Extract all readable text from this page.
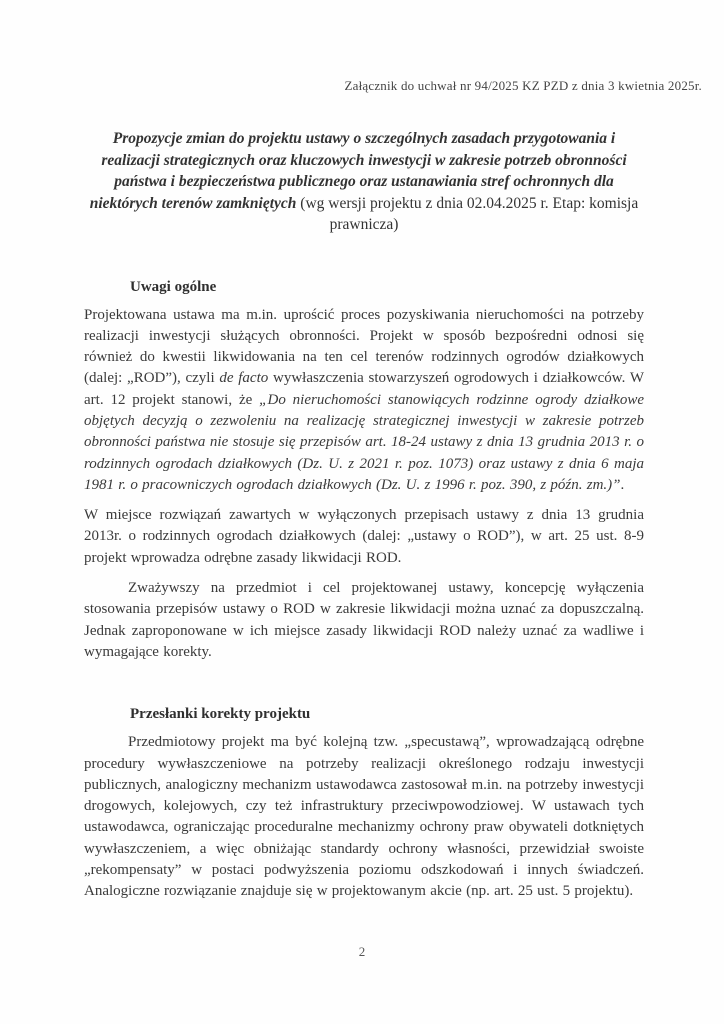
Załącznik do uchwał nr 94/2025 KZ PZD z dnia 3 kwietnia 2025r.

Propozycje zmian do projektu ustawy o szczególnych zasadach przygotowania i realizacji strategicznych oraz kluczowych inwestycji w zakresie potrzeb obronności państwa i bezpieczeństwa publicznego oraz ustanawiania stref ochronnych dla niektórych terenów zamkniętych (wg wersji projektu z dnia 02.04.2025 r. Etap: komisja prawnicza)

Uwagi ogólne

Projektowana ustawa ma m.in. uprościć proces pozyskiwania nieruchomości na potrzeby realizacji inwestycji służących obronności. Projekt w sposób bezpośredni odnosi się również do kwestii likwidowania na ten cel terenów rodzinnych ogrodów działkowych (dalej: „ROD”), czyli de facto wywłaszczenia stowarzyszeń ogrodowych i działkowców. W art. 12 projekt stanowi, że „Do nieruchomości stanowiących rodzinne ogrody działkowe objętych decyzją o zezwoleniu na realizację strategicznej inwestycji w zakresie potrzeb obronności państwa nie stosuje się przepisów art. 18-24 ustawy z dnia 13 grudnia 2013 r. o rodzinnych ogrodach działkowych (Dz. U. z 2021 r. poz. 1073) oraz ustawy z dnia 6 maja 1981 r. o pracowniczych ogrodach działkowych (Dz. U. z 1996 r. poz. 390, z późn. zm.)”.

W miejsce rozwiązań zawartych w wyłączonych przepisach ustawy z dnia 13 grudnia 2013r. o rodzinnych ogrodach działkowych (dalej: „ustawy o ROD”), w art. 25 ust. 8-9 projekt wprowadza odrębne zasady likwidacji ROD.

Zważywszy na przedmiot i cel projektowanej ustawy, koncepcję wyłączenia stosowania przepisów ustawy o ROD w zakresie likwidacji można uznać za dopuszczalną. Jednak zaproponowane w ich miejsce zasady likwidacji ROD należy uznać za wadliwe i wymagające korekty.

Przesłanki korekty projektu

Przedmiotowy projekt ma być kolejną tzw. „specustawą”, wprowadzającą odrębne procedury wywłaszczeniowe na potrzeby realizacji określonego rodzaju inwestycji publicznych, analogiczny mechanizm ustawodawca zastosował m.in. na potrzeby inwestycji drogowych, kolejowych, czy też infrastruktury przeciwpowodziowej. W ustawach tych ustawodawca, ograniczając proceduralne mechanizmy ochrony praw obywateli dotkniętych wywłaszczeniem, a więc obniżając standardy ochrony własności, przewidział swoiste „rekompensaty” w postaci podwyższenia poziomu odszkodowań i innych świadczeń. Analogiczne rozwiązanie znajduje się w projektowanym akcie (np. art. 25 ust. 5 projektu).

2
